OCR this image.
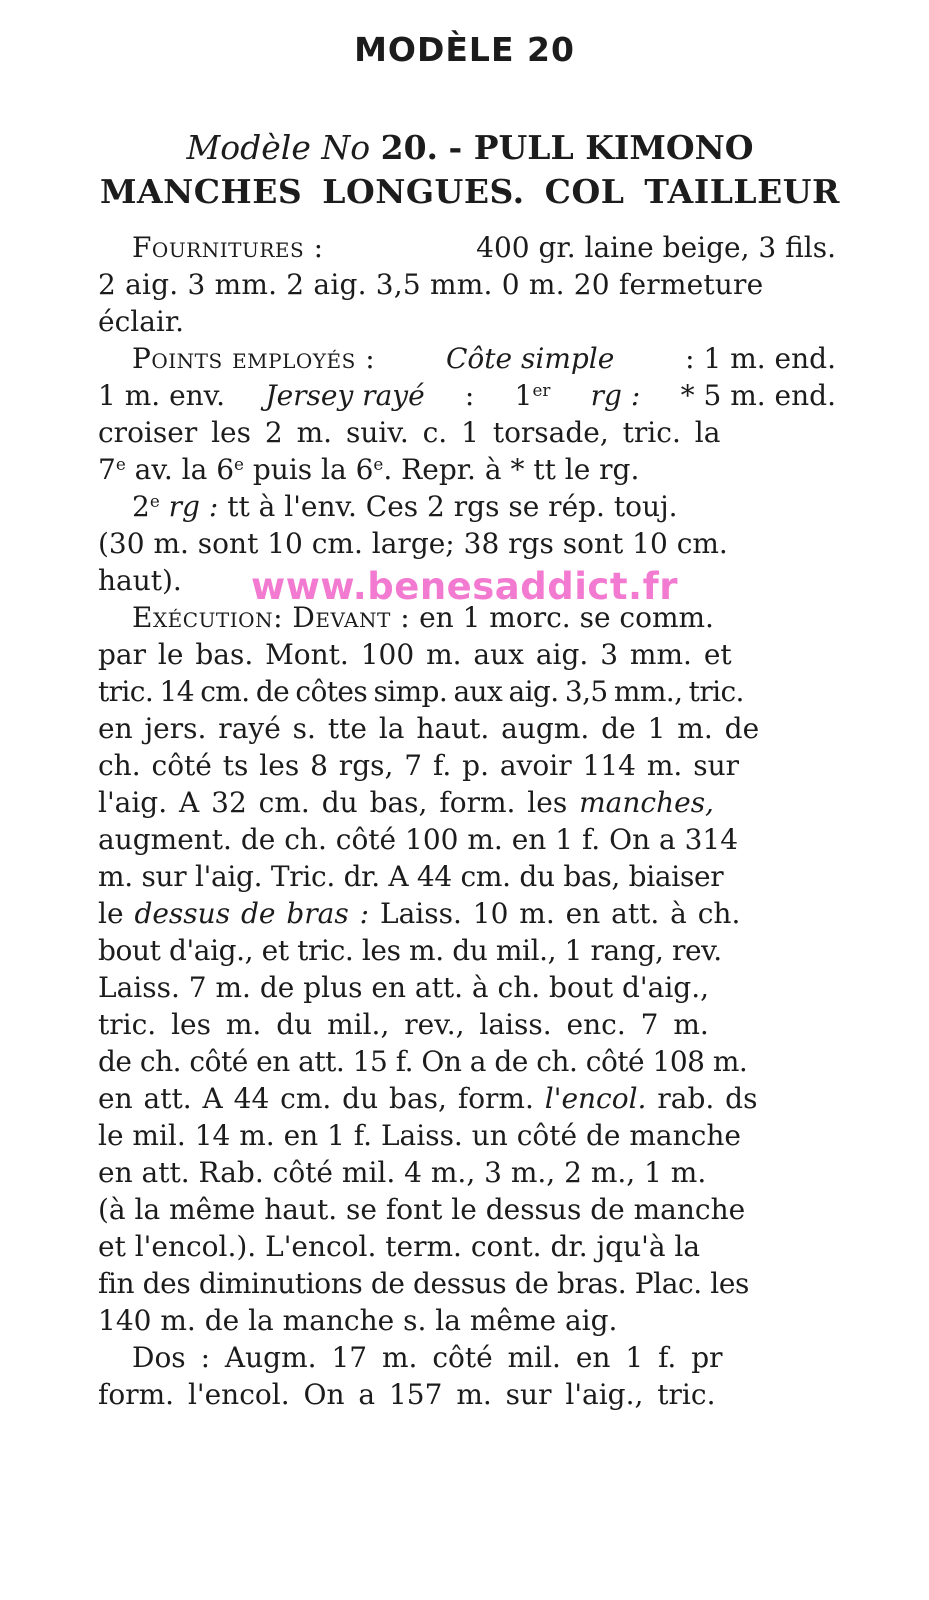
MODÈLE 20
Modèle No 20. - PULL KIMONO
MANCHES LONGUES. COL TAILLEUR
Fournitures :	400 gr. laine beige, 3 fils.
2 aig. 3 mm. 2 aig. 3,5 mm. 0 m. 20 fermeture
éclair.
Points employés :	Côte simple	: 1 m. end.
1 m. env. Jersey rayé : 1er rg : * 5 m. end.
croiser les 2 m. suiv. c. 1 torsade, tric. la
7e av. la 6e puis la 6e. Repr. à * tt le rg.
2e rg : tt à l'env. Ces 2 rgs se rép. touj.
(30 m. sont 10 cm. large; 38 rgs sont 10 cm.
haut).
Exécution: Devant : en 1 morc. se comm.
par le bas. Mont. 100 m. aux aig. 3 mm. et
tric. 14 cm. de côtes simp. aux aig. 3,5 mm., tric.
en jers. rayé s. tte la haut. augm. de 1 m. de
ch. côté ts les 8 rgs, 7 f. p. avoir 114 m. sur
l'aig. A 32 cm. du bas, form. les manches,
augment. de ch. côté 100 m. en 1 f. On a 314
m. sur l'aig. Tric. dr. A 44 cm. du bas, biaiser
le dessus de bras : Laiss. 10 m. en att. à ch.
bout d'aig., et tric. les m. du mil., 1 rang, rev.
Laiss. 7 m. de plus en att. à ch. bout d'aig.,
tric. les m. du mil., rev., laiss. enc. 7 m.
de ch. côté en att. 15 f. On a de ch. côté 108 m.
en att. A 44 cm. du bas, form. l'encol. rab. ds
le mil. 14 m. en 1 f. Laiss. un côté de manche
en att. Rab. côté mil. 4 m., 3 m., 2 m., 1 m.
(à la même haut. se font le dessus de manche
et l'encol.). L'encol. term. cont. dr. jqu'à la
fin des diminutions de dessus de bras. Plac. les
140 m. de la manche s. la même aig.
Dos : Augm. 17 m. côté mil. en 1 f. pr
form. l'encol. On a 157 m. sur l'aig., tric.
www.benesaddict.fr
